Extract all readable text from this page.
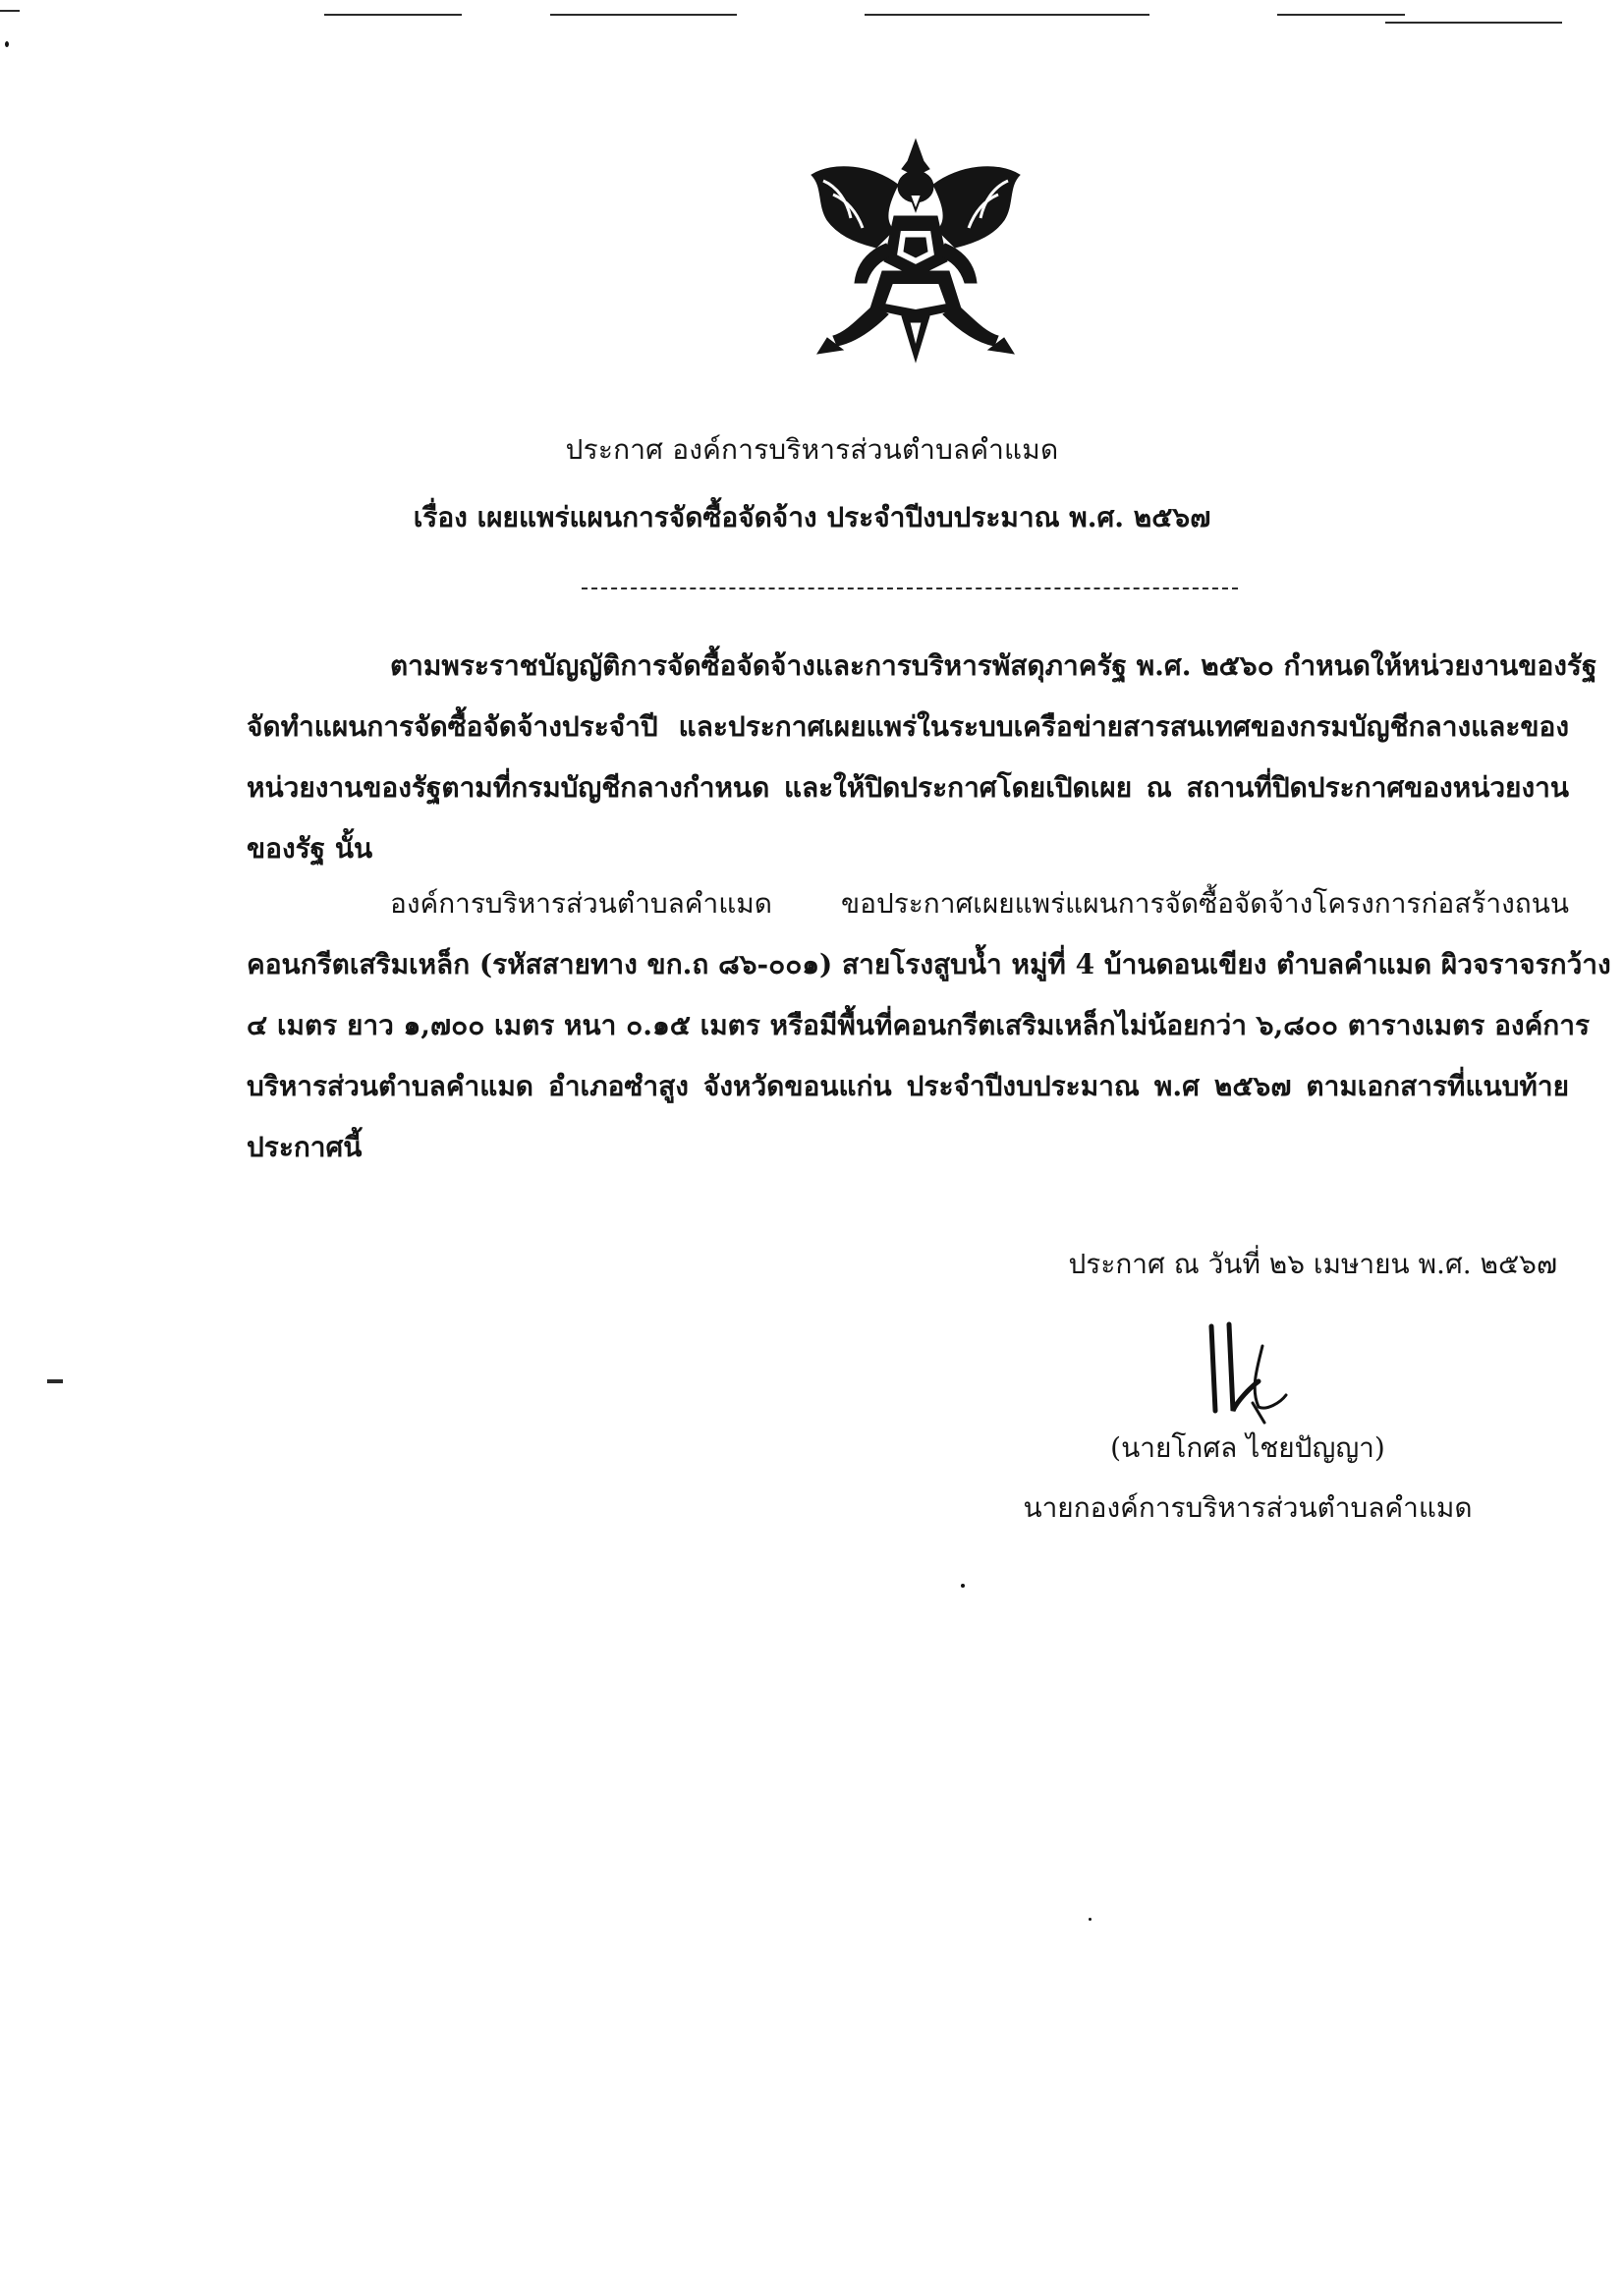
ประกาศ องค์การบริหารส่วนตำบลคำแมด
เรื่อง เผยแพร่แผนการจัดซื้อจัดจ้าง ประจำปีงบประมาณ พ.ศ. ๒๕๖๗
ตามพระราชบัญญัติการจัดซื้อจัดจ้างและการบริหารพัสดุภาครัฐ พ.ศ. ๒๕๖๐ กำหนดให้หน่วยงานของรัฐ
จัดทำแผนการจัดซื้อจัดจ้างประจำปี และประกาศเผยแพร่ในระบบเครือข่ายสารสนเทศของกรมบัญชีกลางและของ
หน่วยงานของรัฐตามที่กรมบัญชีกลางกำหนด และให้ปิดประกาศโดยเปิดเผย ณ สถานที่ปิดประกาศของหน่วยงาน
ของรัฐ นั้น
องค์การบริหารส่วนตำบลคำแมด ขอประกาศเผยแพร่แผนการจัดซื้อจัดจ้างโครงการก่อสร้างถนน
คอนกรีตเสริมเหล็ก (รหัสสายทาง ขก.ถ ๘๖-๐๐๑) สายโรงสูบน้ำ หมู่ที่ 4 บ้านดอนเขียง ตำบลคำแมด ผิวจราจรกว้าง
๔ เมตร ยาว ๑,๗๐๐ เมตร หนา ๐.๑๕ เมตร หรือมีพื้นที่คอนกรีตเสริมเหล็กไม่น้อยกว่า ๖,๘๐๐ ตารางเมตร องค์การ
บริหารส่วนตำบลคำแมด อำเภอซำสูง จังหวัดขอนแก่น ประจำปีงบประมาณ พ.ศ ๒๕๖๗ ตามเอกสารที่แนบท้าย
ประกาศนี้
ประกาศ ณ วันที่ ๒๖ เมษายน พ.ศ. ๒๕๖๗
(นายโกศล ไชยปัญญา)
นายกองค์การบริหารส่วนตำบลคำแมด
